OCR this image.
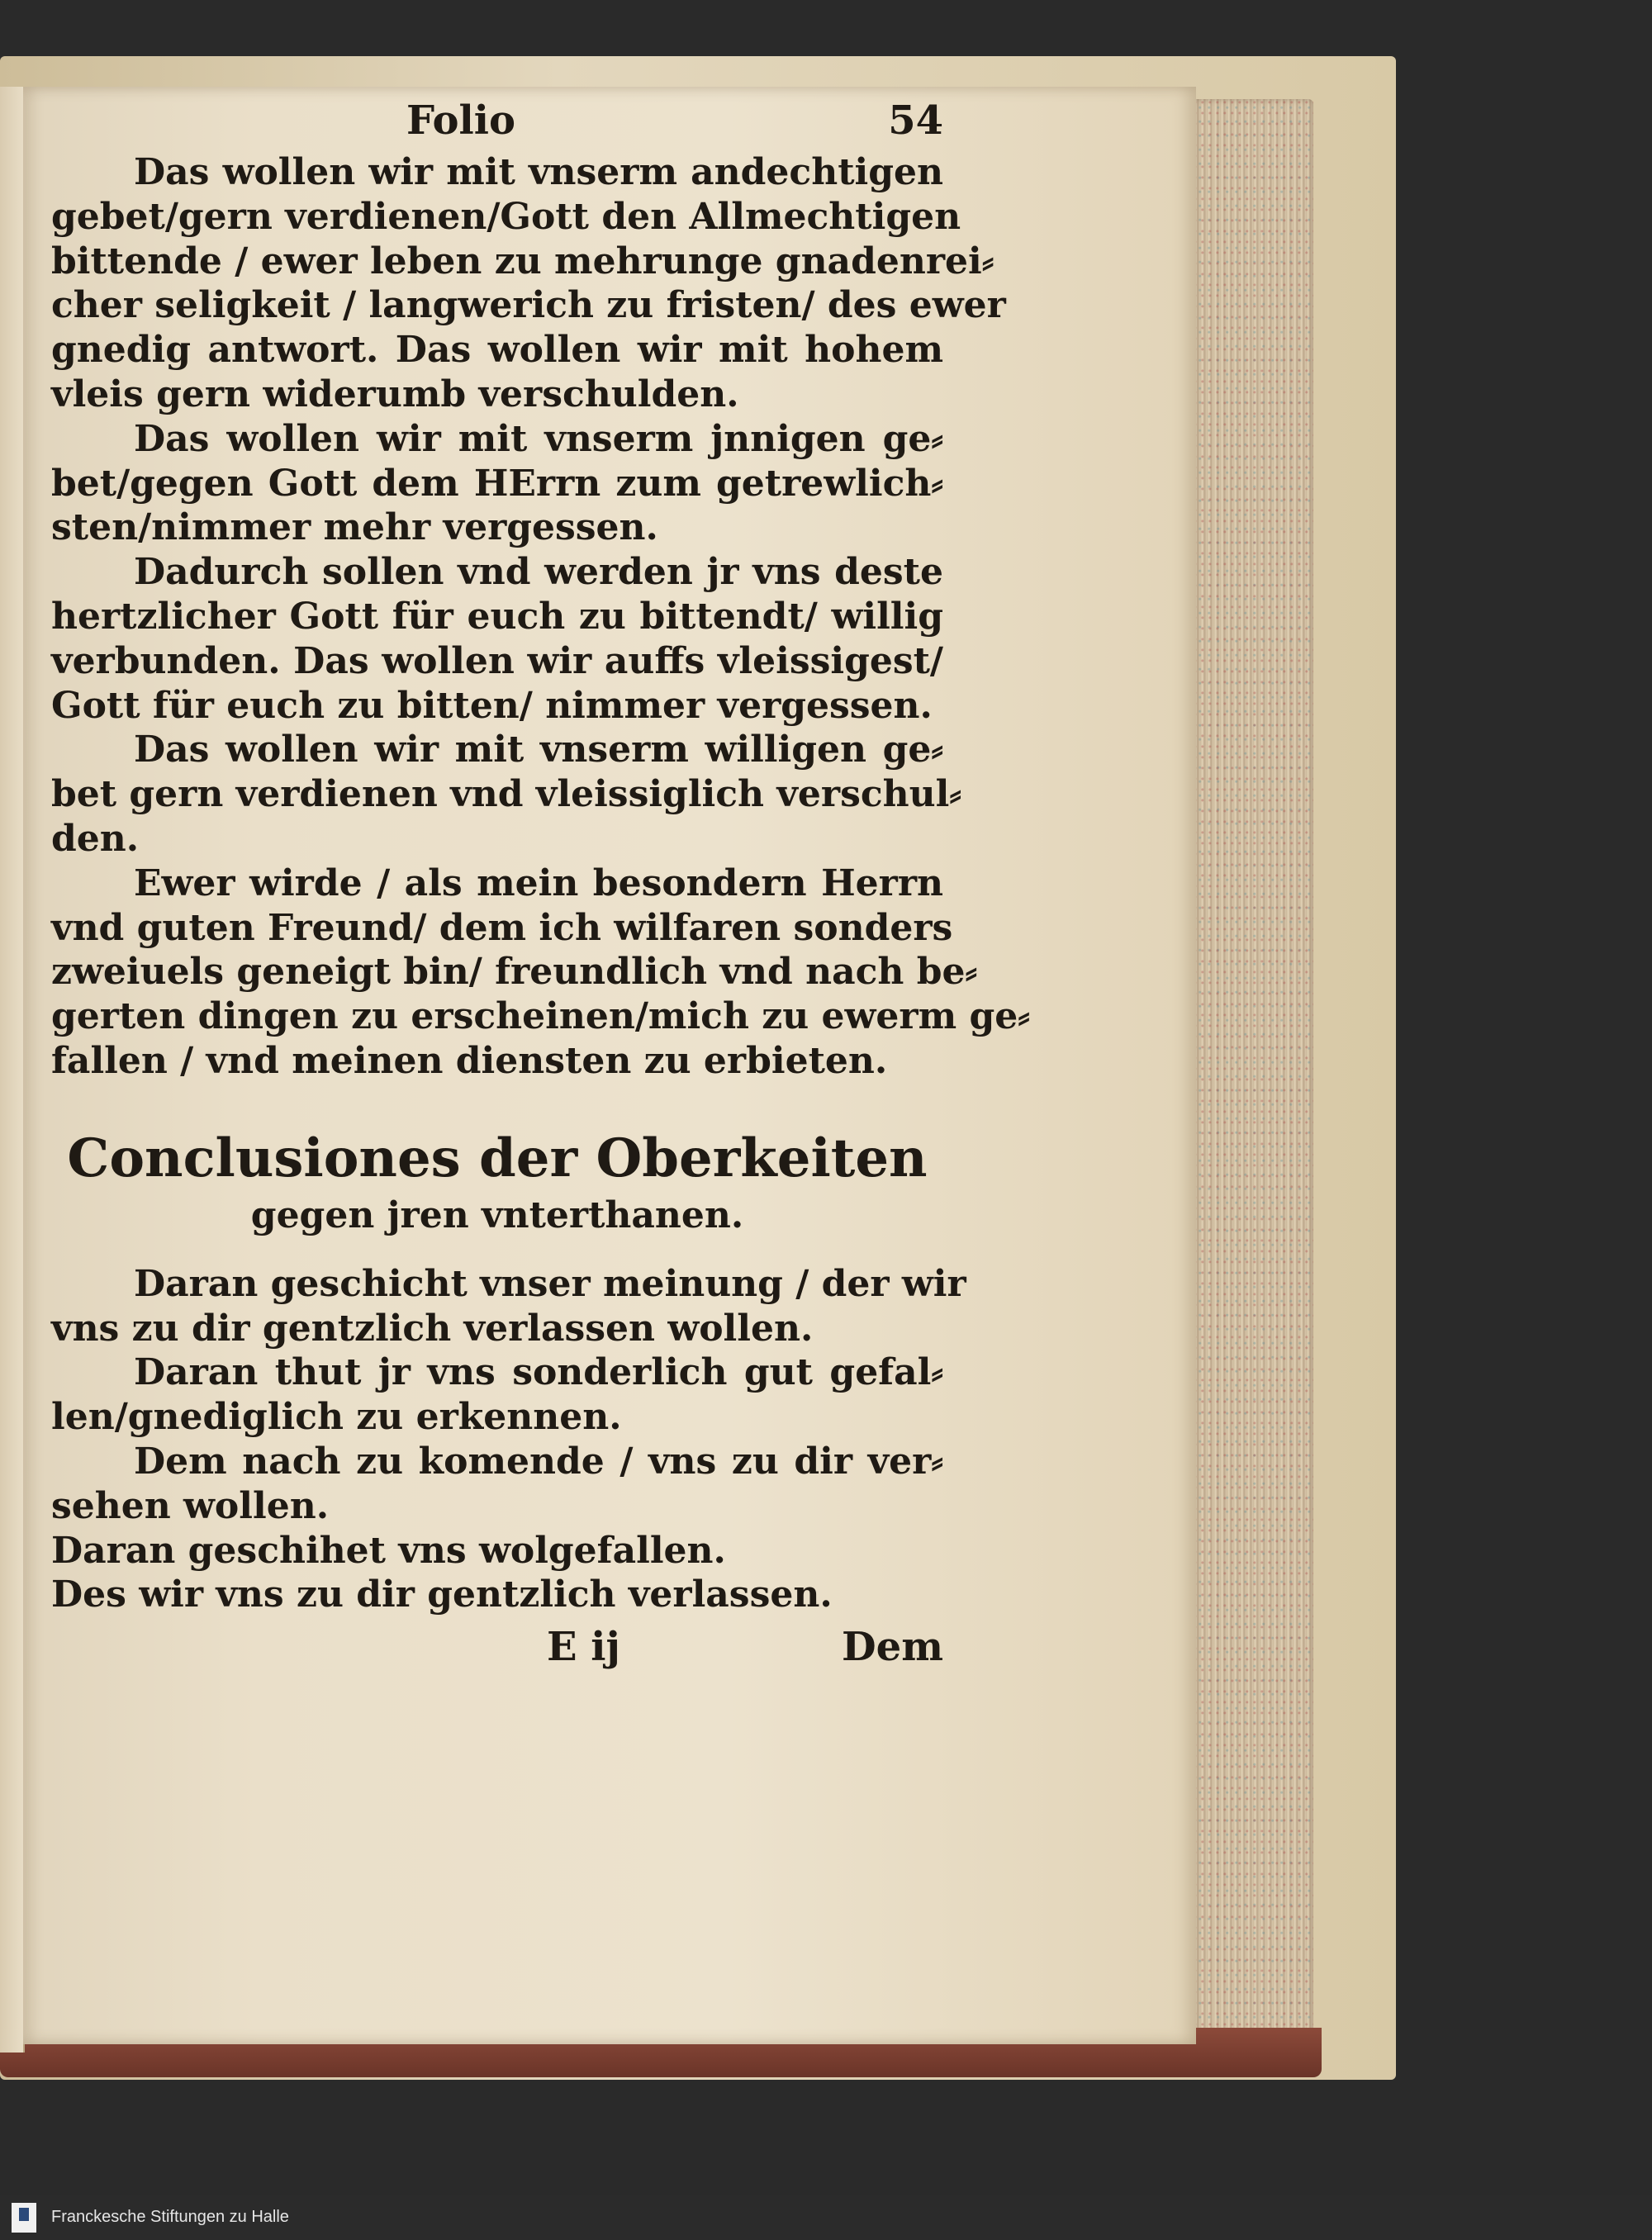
Folio	54
Das wollen wir mit vnserm andechtigen
gebet/gern verdienen/Gott den Allmechtigen
bittende / ewer leben zu mehrunge gnadenrei⸗
cher seligkeit / langwerich zu fristen/ des ewer
gnedig antwort. Das wollen wir mit hohem
vleis gern widerumb verschulden.
Das wollen wir mit vnserm jnnigen ge⸗
bet/gegen Gott dem HErrn zum getrewlich⸗
sten/nimmer mehr vergessen.
Dadurch sollen vnd werden jr vns deste
hertzlicher Gott für euch zu bittendt/ willig
verbunden. Das wollen wir auffs vleissigest/
Gott für euch zu bitten/ nimmer vergessen.
Das wollen wir mit vnserm willigen ge⸗
bet gern verdienen vnd vleissiglich verschul⸗
den.
Ewer wirde / als mein besondern Herrn
vnd guten Freund/ dem ich wilfaren sonders
zweiuels geneigt bin/ freundlich vnd nach be⸗
gerten dingen zu erscheinen/mich zu ewerm ge⸗
fallen / vnd meinen diensten zu erbieten.
Conclusiones der Oberkeiten
gegen jren vnterthanen.
Daran geschicht vnser meinung / der wir
vns zu dir gentzlich verlassen wollen.
Daran thut jr vns sonderlich gut gefal⸗
len/gnediglich zu erkennen.
Dem nach zu komende / vns zu dir ver⸗
sehen wollen.
Daran geschihet vns wolgefallen.
Des wir vns zu dir gentzlich verlassen.
E ij	Dem
Franckesche Stiftungen zu Halle
